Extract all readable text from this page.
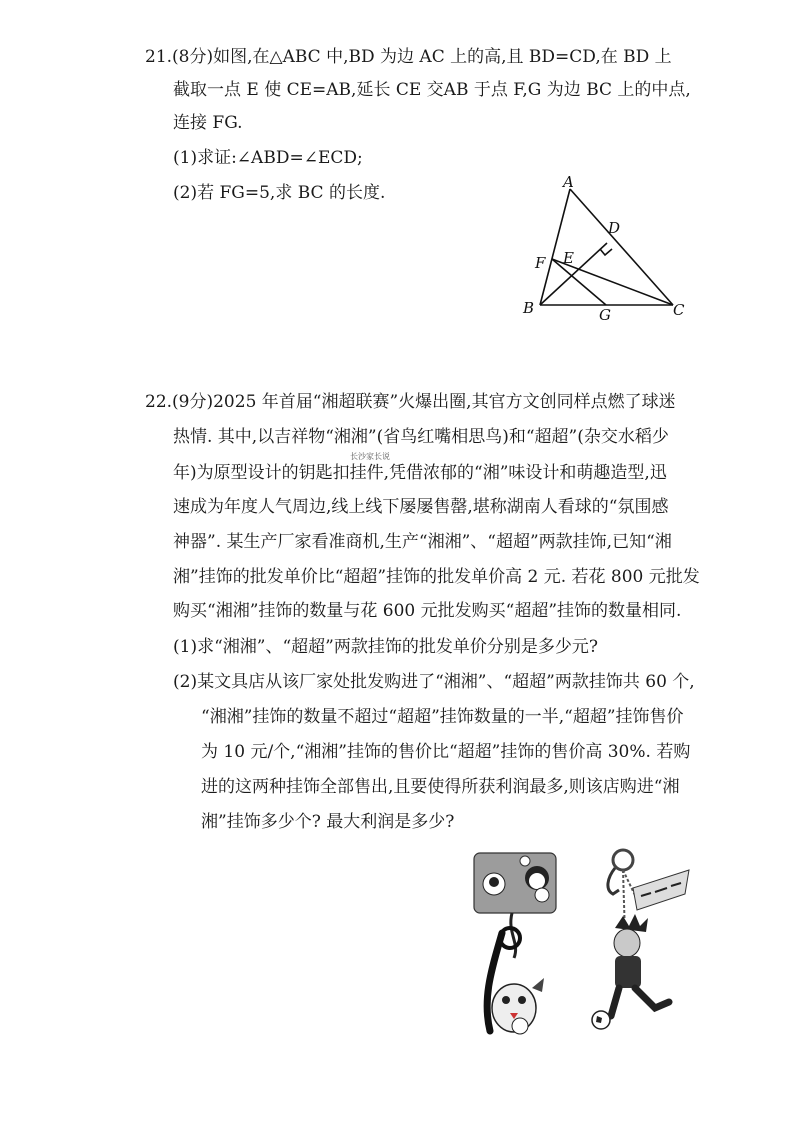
21.(8分)如图,在△ABC 中,BD 为边 AC 上的高,且 BD=CD,在 BD 上
截取一点 E 使 CE=AB,延长 CE 交AB 于点 F,G 为边 BC 上的中点,
连接 FG.
(1)求证:∠ABD=∠ECD;
(2)若 FG=5,求 BC 的长度.
A
D
E
F
B	G	C
22.(9分)2025 年首届“湘超联赛”火爆出圈,其官方文创同样点燃了球迷
热情. 其中,以吉祥物“湘湘”(省鸟红嘴相思鸟)和“超超”(杂交水稻少
年)为原型设计的钥匙扣挂件,凭借浓郁的“湘”味设计和萌趣造型,迅
速成为年度人气周边,线上线下屡屡售罄,堪称湖南人看球的“氛围感
神器”. 某生产厂家看准商机,生产“湘湘”、“超超”两款挂饰,已知“湘
湘”挂饰的批发单价比“超超”挂饰的批发单价高 2 元. 若花 800 元批发
购买“湘湘”挂饰的数量与花 600 元批发购买“超超”挂饰的数量相同.
(1)求“湘湘”、“超超”两款挂饰的批发单价分别是多少元?
(2)某文具店从该厂家处批发购进了“湘湘”、“超超”两款挂饰共 60 个,
“湘湘”挂饰的数量不超过“超超”挂饰数量的一半,“超超”挂饰售价
为 10 元/个,“湘湘”挂饰的售价比“超超”挂饰的售价高 30%. 若购
进的这两种挂饰全部售出,且要使得所获利润最多,则该店购进“湘
湘”挂饰多少个? 最大利润是多少?
长沙家长说
